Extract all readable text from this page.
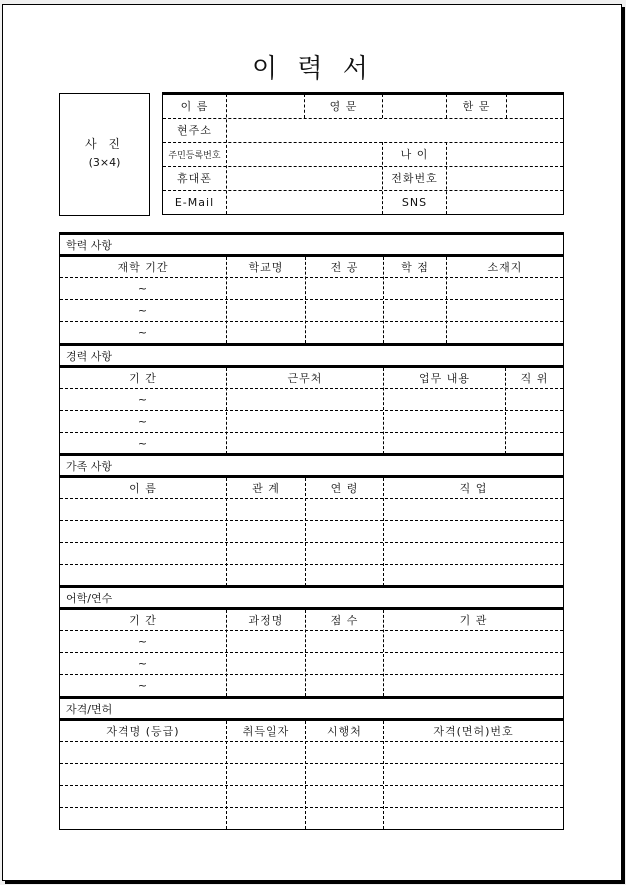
이 력 서
사 진
(3×4)
이 름	영 문	한 문
현주소
주민등록번호	나 이
휴대폰	전화번호
E-Mail	SNS
학력 사항
재학 기간	학교명	전 공	학 점	소재지
~
~
~
경력 사항
기 간	근무처	업무 내용	직 위
~
~
~
가족 사항
이 름	관 계	연 령	직 업
어학/연수
기 간	과정명	점 수	기 관
~
~
~
자격/면허
자격명 (등급)	취득일자	시행처	자격(면허)번호
